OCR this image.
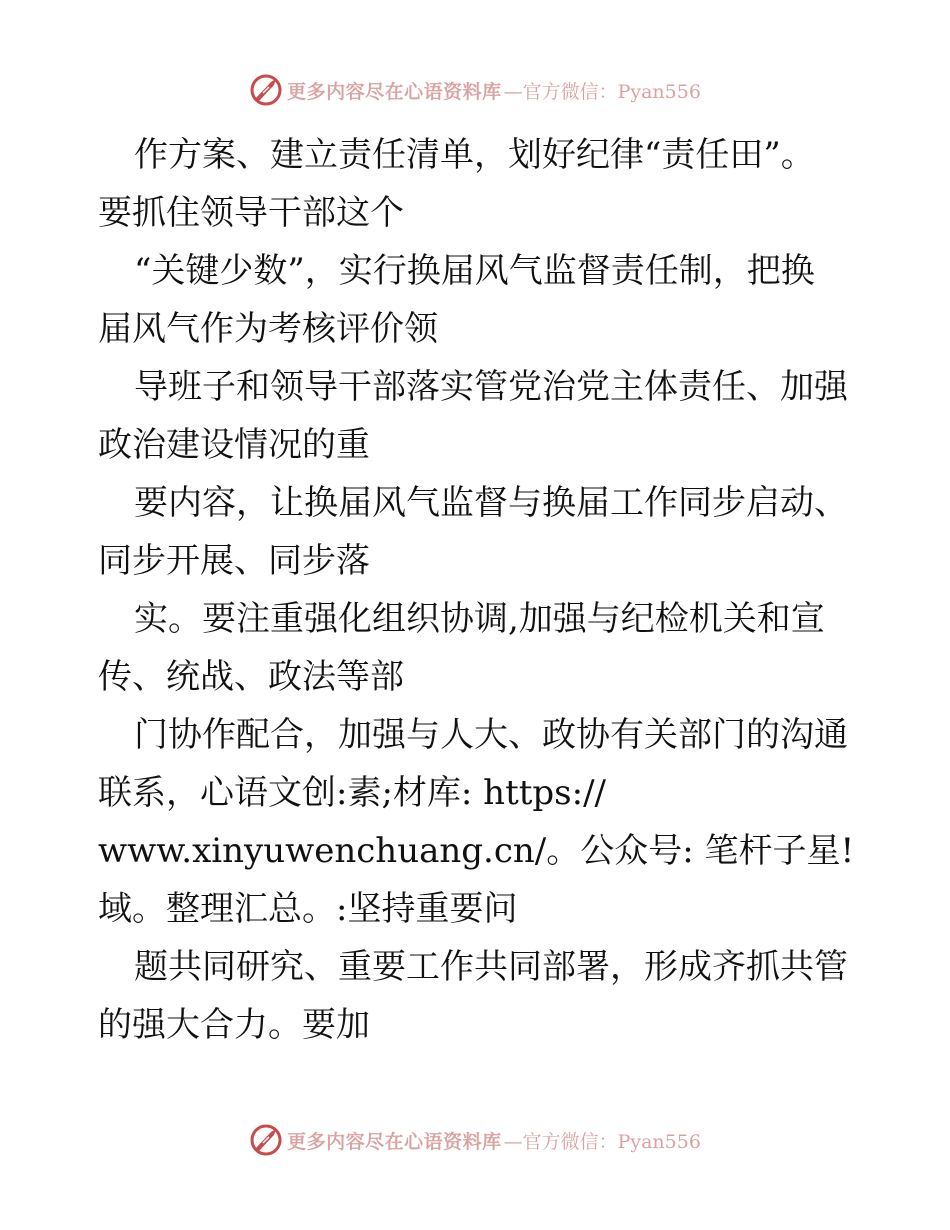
更多内容尽在心语资料库 —官方微信：Pyan556
作方案、建立责任清单，划好纪律“责任田”。
要抓住领导干部这个
“关键少数”，实行换届风气监督责任制，把换
届风气作为考核评价领
导班子和领导干部落实管党治党主体责任、加强
政治建设情况的重
要内容，让换届风气监督与换届工作同步启动、
同步开展、同步落
实。要注重强化组织协调,加强与纪检机关和宣
传、统战、政法等部
门协作配合，加强与人大、政协有关部门的沟通
联系，心语文创:素;材库: https://
www.xinyuwenchuang.cn/。公众号: 笔杆子星!
域。整理汇总。:坚持重要问
题共同研究、重要工作共同部署，形成齐抓共管
的强大合力。要加
更多内容尽在心语资料库 —官方微信：Pyan556
